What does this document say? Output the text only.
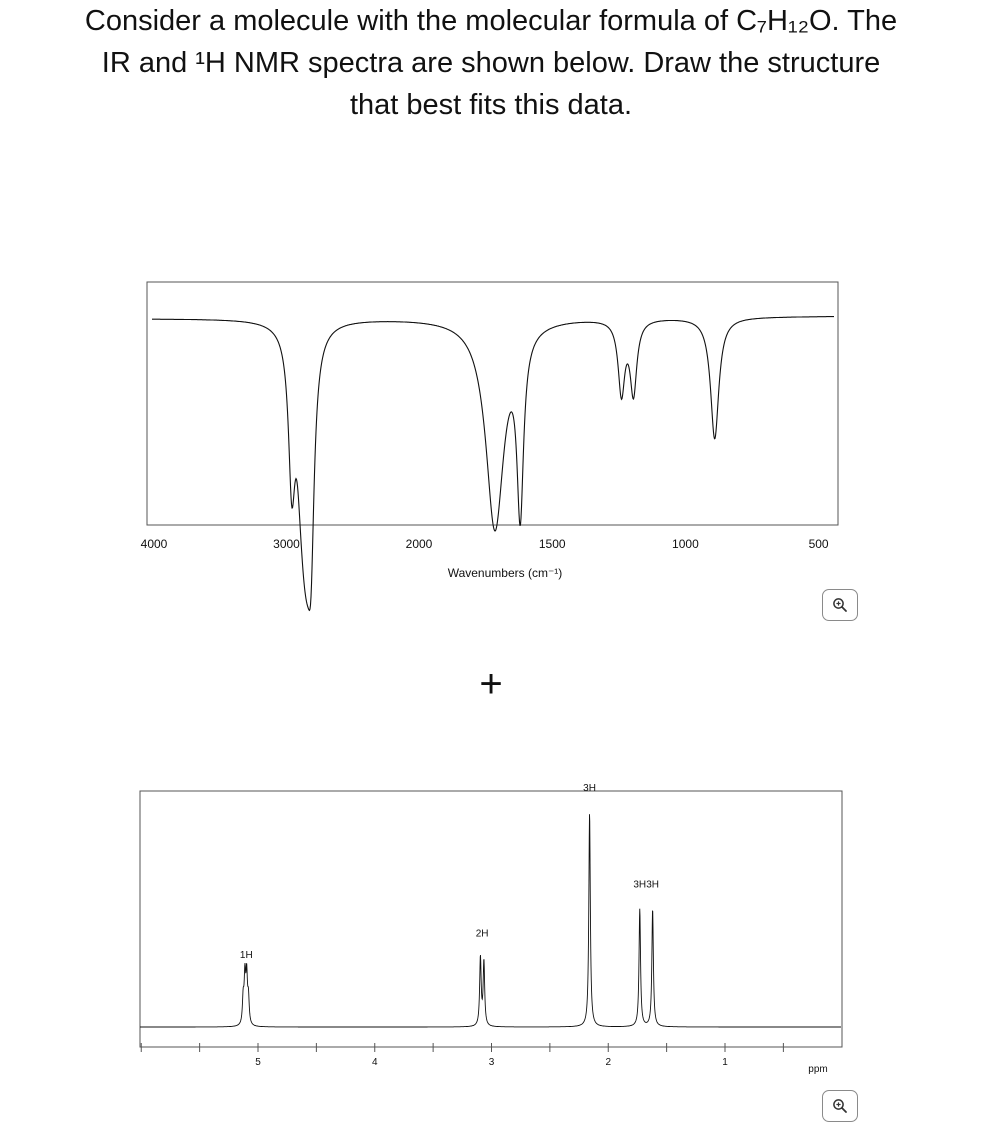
Consider a molecule with the molecular formula of C₇H₁₂O. The
IR and ¹H NMR spectra are shown below. Draw the structure
that best fits this data.

4000	3000	2000	1500	1000	500
Wavenumbers (cm⁻¹)
+
5	4	3	2	1
1H
2H
3H
3H 3H
ppm
